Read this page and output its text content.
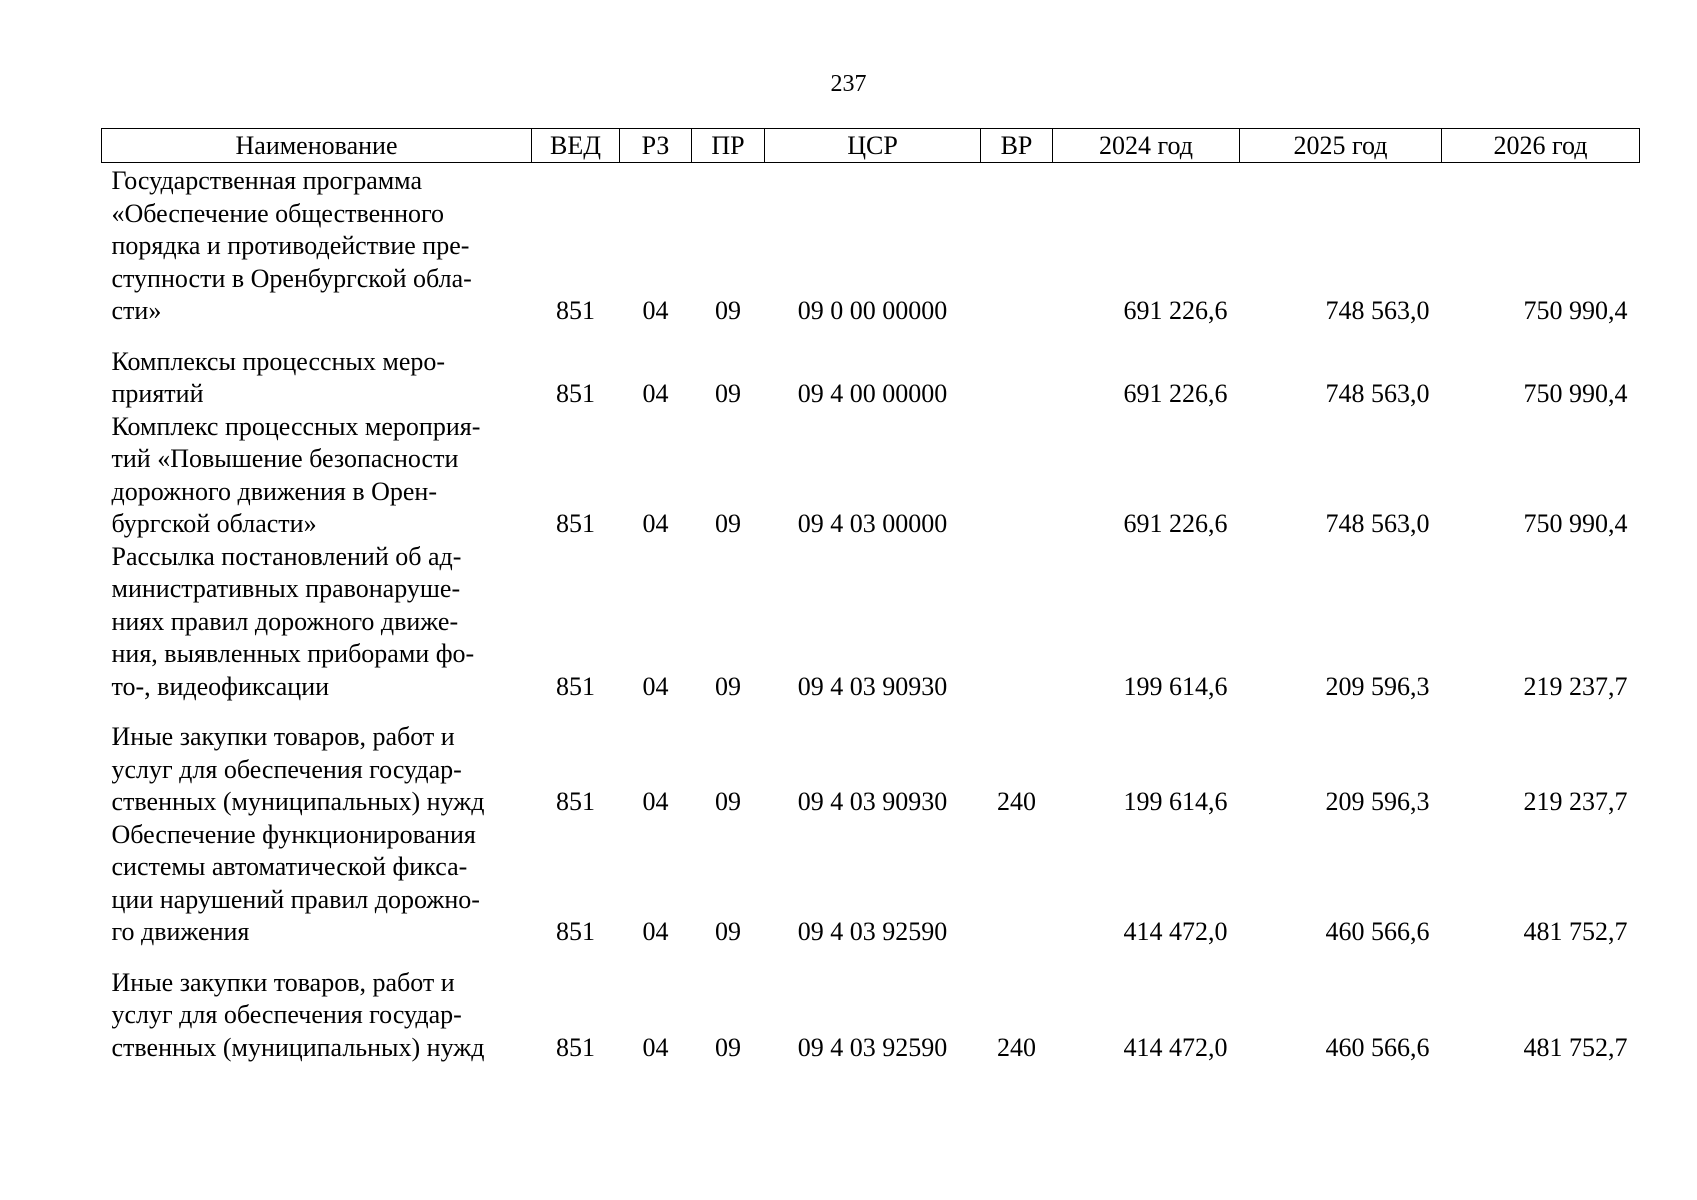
237
Наименование	ВЕД	РЗ	ПР	ЦСР	ВР	2024 год	2025 год	2026 год
Государственная программа
«Обеспечение общественного
порядка и противодействие пре-
ступности в Оренбургской обла-
сти»	851	04	09	09 0 00 00000		691 226,6	748 563,0	750 990,4
Комплексы процессных меро-
приятий	851	04	09	09 4 00 00000		691 226,6	748 563,0	750 990,4
Комплекс процессных мероприя-
тий «Повышение безопасности
дорожного движения в Орен-
бургской области»	851	04	09	09 4 03 00000		691 226,6	748 563,0	750 990,4
Рассылка постановлений об ад-
министративных правонаруше-
ниях правил дорожного движе-
ния, выявленных приборами фо-
то-, видеофиксации	851	04	09	09 4 03 90930		199 614,6	209 596,3	219 237,7
Иные закупки товаров, работ и
услуг для обеспечения государ-
ственных (муниципальных) нужд	851	04	09	09 4 03 90930	240	199 614,6	209 596,3	219 237,7
Обеспечение функционирования
системы автоматической фикса-
ции нарушений правил дорожно-
го движения	851	04	09	09 4 03 92590		414 472,0	460 566,6	481 752,7
Иные закупки товаров, работ и
услуг для обеспечения государ-
ственных (муниципальных) нужд	851	04	09	09 4 03 92590	240	414 472,0	460 566,6	481 752,7
